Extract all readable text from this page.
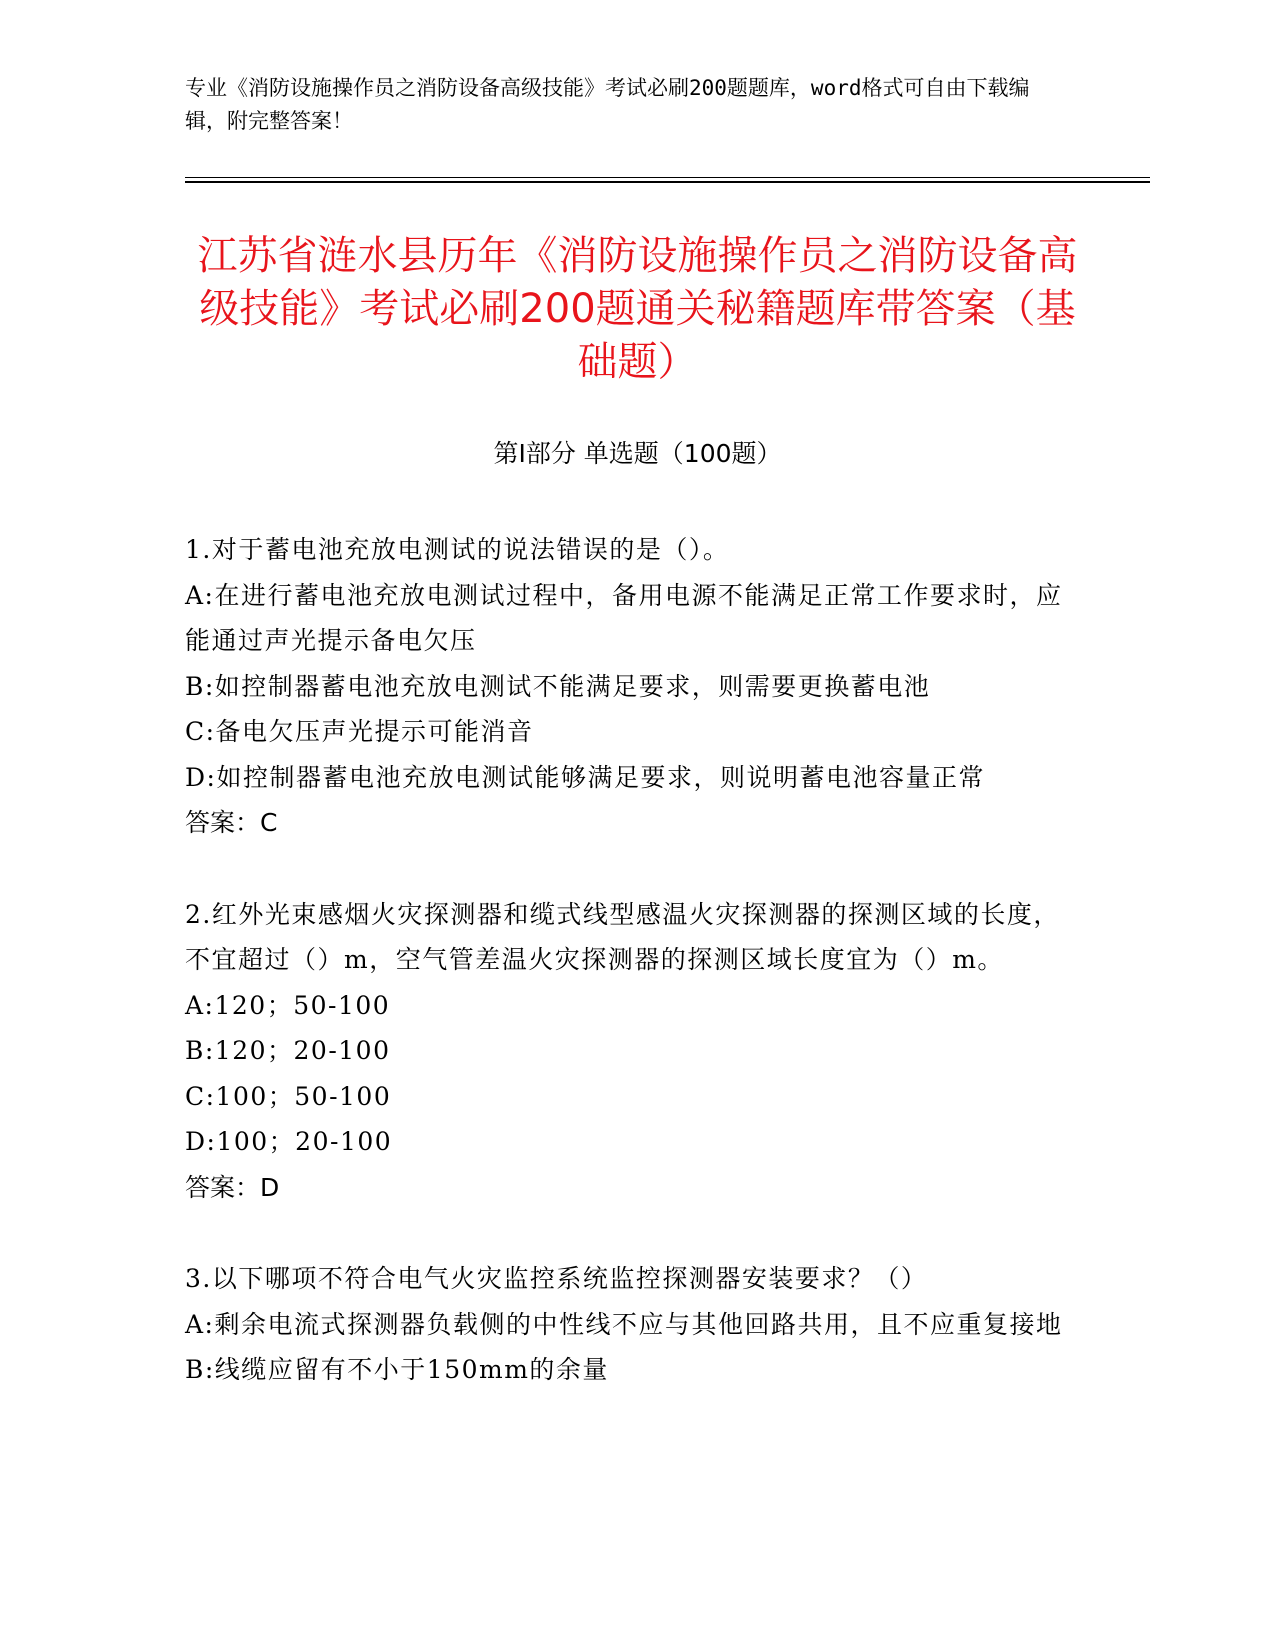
专业《消防设施操作员之消防设备高级技能》考试必刷200题题库，word格式可自由下载编辑，附完整答案！
江苏省涟水县历年《消防设施操作员之消防设备高级技能》考试必刷200题通关秘籍题库带答案（基础题）
第Ⅰ部分 单选题（100题）
1.对于蓄电池充放电测试的说法错误的是（）。
A:在进行蓄电池充放电测试过程中，备用电源不能满足正常工作要求时，应能通过声光提示备电欠压
B:如控制器蓄电池充放电测试不能满足要求，则需要更换蓄电池
C:备电欠压声光提示可能消音
D:如控制器蓄电池充放电测试能够满足要求，则说明蓄电池容量正常
答案：C
2.红外光束感烟火灾探测器和缆式线型感温火灾探测器的探测区域的长度，不宜超过（）m，空气管差温火灾探测器的探测区域长度宜为（）m。
A:120；50-100
B:120；20-100
C:100；50-100
D:100；20-100
答案：D
3.以下哪项不符合电气火灾监控系统监控探测器安装要求？（）
A:剩余电流式探测器负载侧的中性线不应与其他回路共用，且不应重复接地
B:线缆应留有不小于150mm的余量
